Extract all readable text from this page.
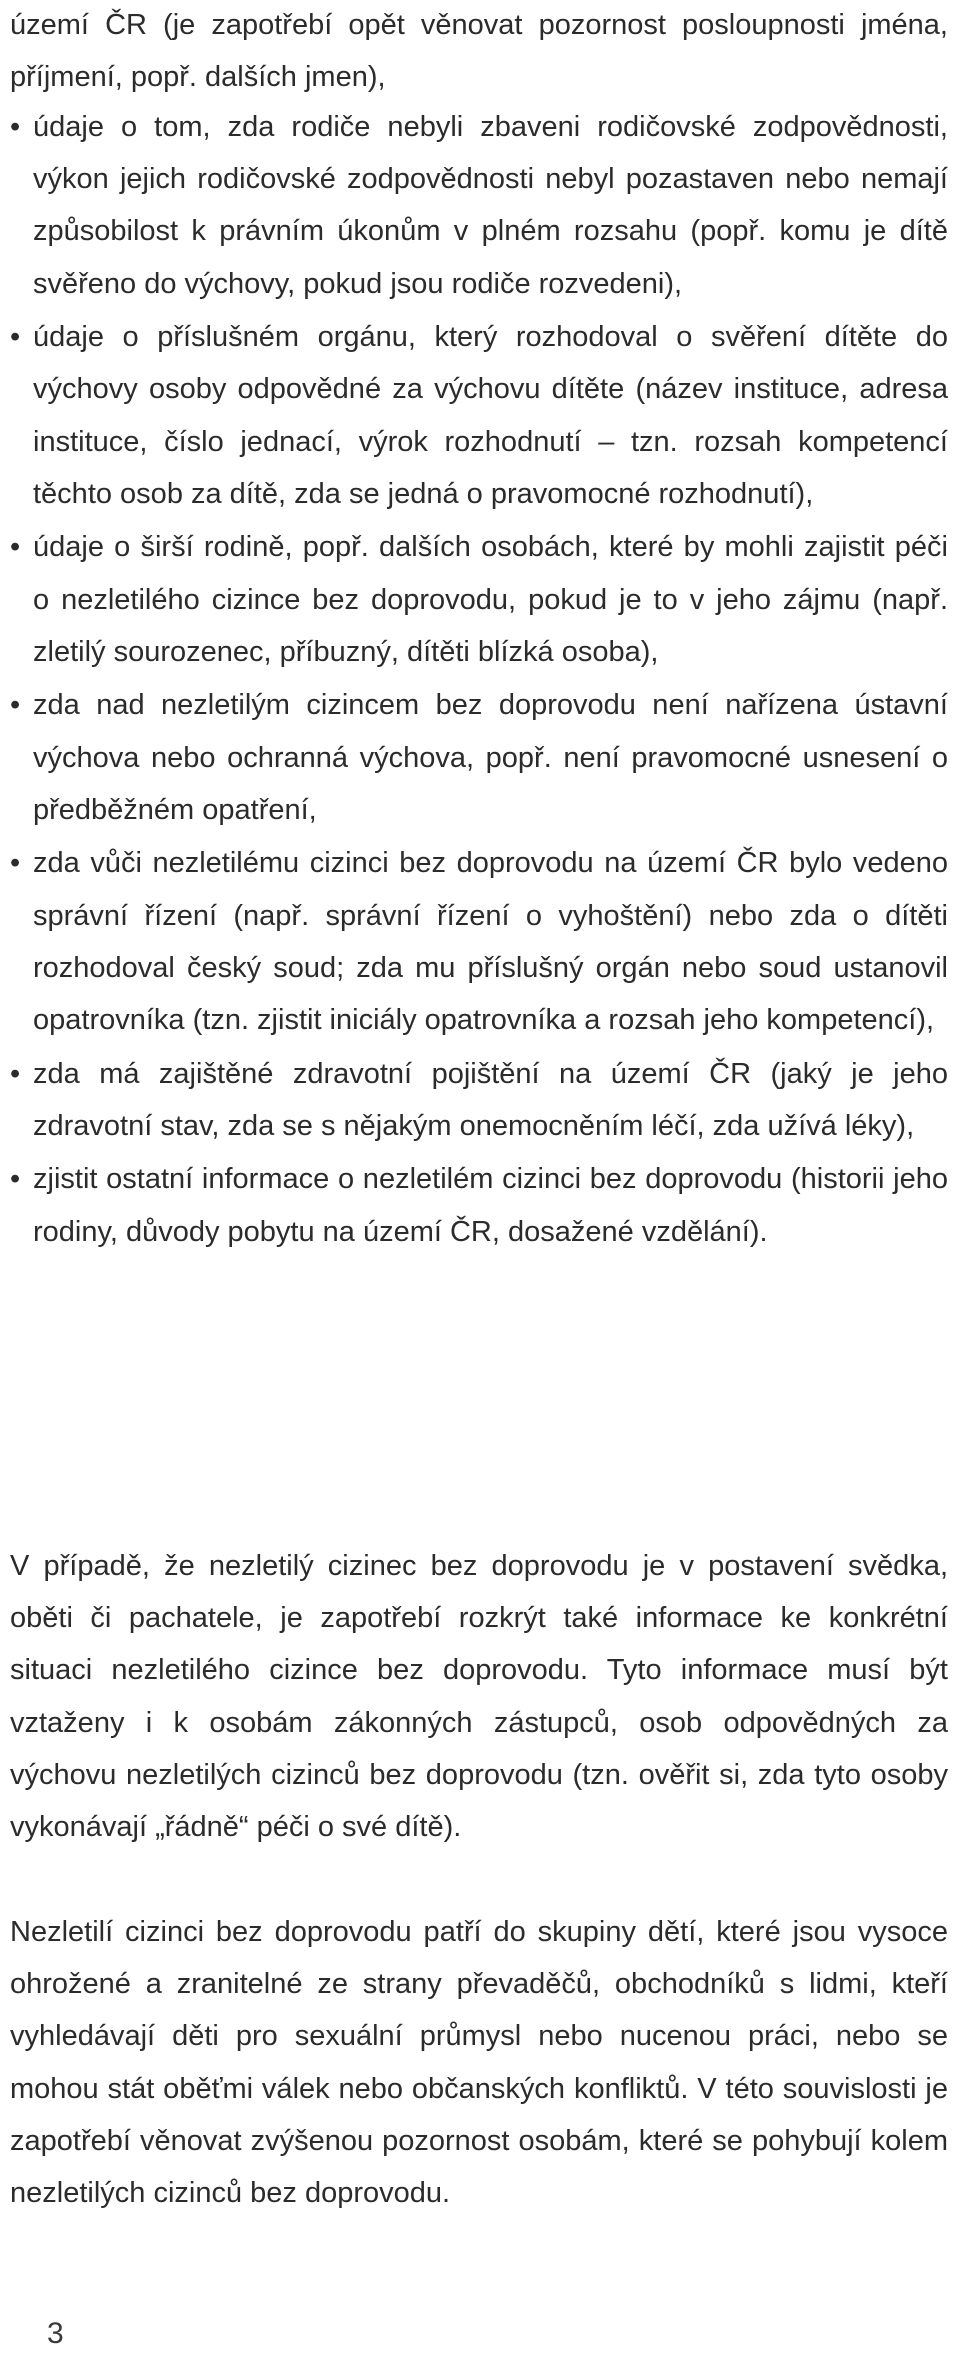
území ČR (je zapotřebí opět věnovat pozornost posloupnosti jména, příjmení, popř. dalších jmen),

• údaje o tom, zda rodiče nebyli zbaveni rodičovské zodpovědnosti, výkon jejich rodičovské zodpovědnosti nebyl pozastaven nebo nemají způsobilost k právním úkonům v plném rozsahu (popř. komu je dítě svěřeno do výchovy, pokud jsou rodiče rozvedeni),
• údaje o příslušném orgánu, který rozhodoval o svěření dítěte do výchovy osoby odpovědné za výchovu dítěte (název instituce, adresa instituce, číslo jednací, výrok rozhodnutí – tzn. rozsah kompetencí těchto osob za dítě, zda se jedná o pravomocné rozhodnutí),
• údaje o širší rodině, popř. dalších osobách, které by mohli zajistit péči o nezletilého cizince bez doprovodu, pokud je to v jeho zájmu (např. zletilý sourozenec, příbuzný, dítěti blízká osoba),
• zda nad nezletilým cizincem bez doprovodu není nařízena ústavní výchova nebo ochranná výchova, popř. není pravomocné usnesení o předběžném opatření,
• zda vůči nezletilému cizinci bez doprovodu na území ČR bylo vedeno správní řízení (např. správní řízení o vyhoštění) nebo zda o dítěti rozhodoval český soud; zda mu příslušný orgán nebo soud ustanovil opatrovníka (tzn. zjistit iniciály opatrovníka a rozsah jeho kompetencí),
• zda má zajištěné zdravotní pojištění na území ČR (jaký je jeho zdravotní stav, zda se s nějakým onemocněním léčí, zda užívá léky),
• zjistit ostatní informace o nezletilém cizinci bez doprovodu (historii jeho rodiny, důvody pobytu na území ČR, dosažené vzdělání).

V případě, že nezletilý cizinec bez doprovodu je v postavení svědka, oběti či pachatele, je zapotřebí rozkrýt také informace ke konkrétní situaci nezletilého cizince bez doprovodu. Tyto informace musí být vztaženy i k osobám zákonných zástupců, osob odpovědných za výchovu nezletilých cizinců bez doprovodu (tzn. ověřit si, zda tyto osoby vykonávají „řádně“ péči o své dítě).

Nezletilí cizinci bez doprovodu patří do skupiny dětí, které jsou vysoce ohrožené a zranitelné ze strany převaděčů, obchodníků s lidmi, kteří vyhledávají děti pro sexuální průmysl nebo nucenou práci, nebo se mohou stát oběťmi válek nebo občanských konfliktů. V této souvislosti je zapotřebí věnovat zvýšenou pozornost osobám, které se pohybují kolem nezletilých cizinců bez doprovodu.

3
